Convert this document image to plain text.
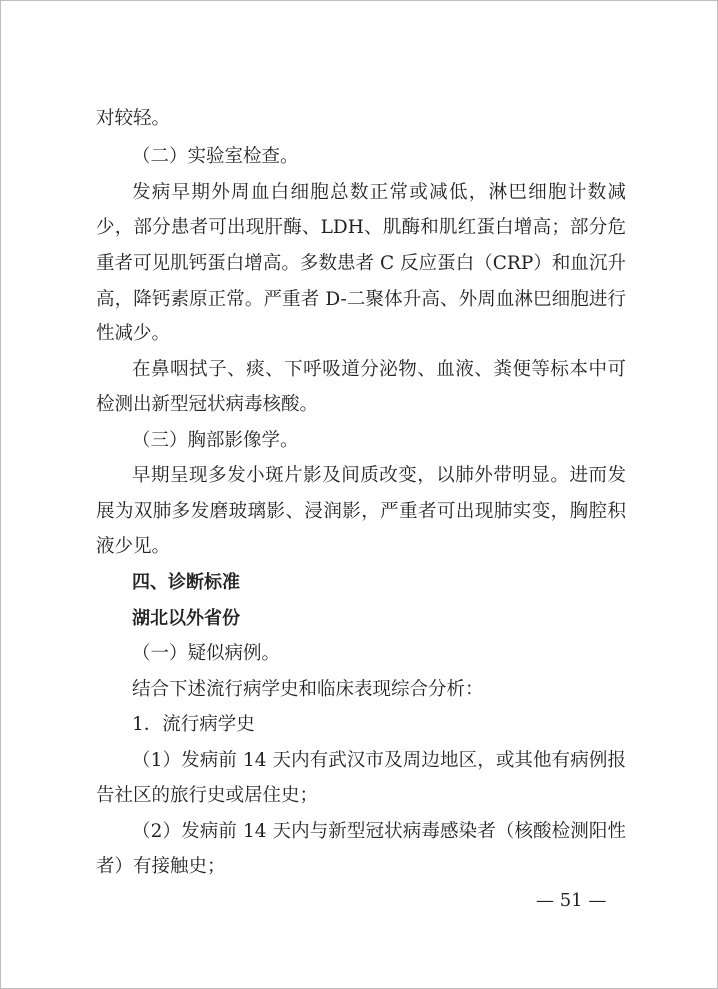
对较轻。
（二）实验室检查。
发病早期外周血白细胞总数正常或减低，淋巴细胞计数减
少，部分患者可出现肝酶、LDH、肌酶和肌红蛋白增高；部分危
重者可见肌钙蛋白增高。多数患者 C 反应蛋白（CRP）和血沉升
高，降钙素原正常。严重者 D-二聚体升高、外周血淋巴细胞进行
性减少。
在鼻咽拭子、痰、下呼吸道分泌物、血液、粪便等标本中可
检测出新型冠状病毒核酸。
（三）胸部影像学。
早期呈现多发小斑片影及间质改变，以肺外带明显。进而发
展为双肺多发磨玻璃影、浸润影，严重者可出现肺实变，胸腔积
液少见。
四、诊断标准
湖北以外省份
（一）疑似病例。
结合下述流行病学史和临床表现综合分析：
1．流行病学史
（1）发病前 14 天内有武汉市及周边地区，或其他有病例报
告社区的旅行史或居住史；
（2）发病前 14 天内与新型冠状病毒感染者（核酸检测阳性
者）有接触史；
— 51 —
